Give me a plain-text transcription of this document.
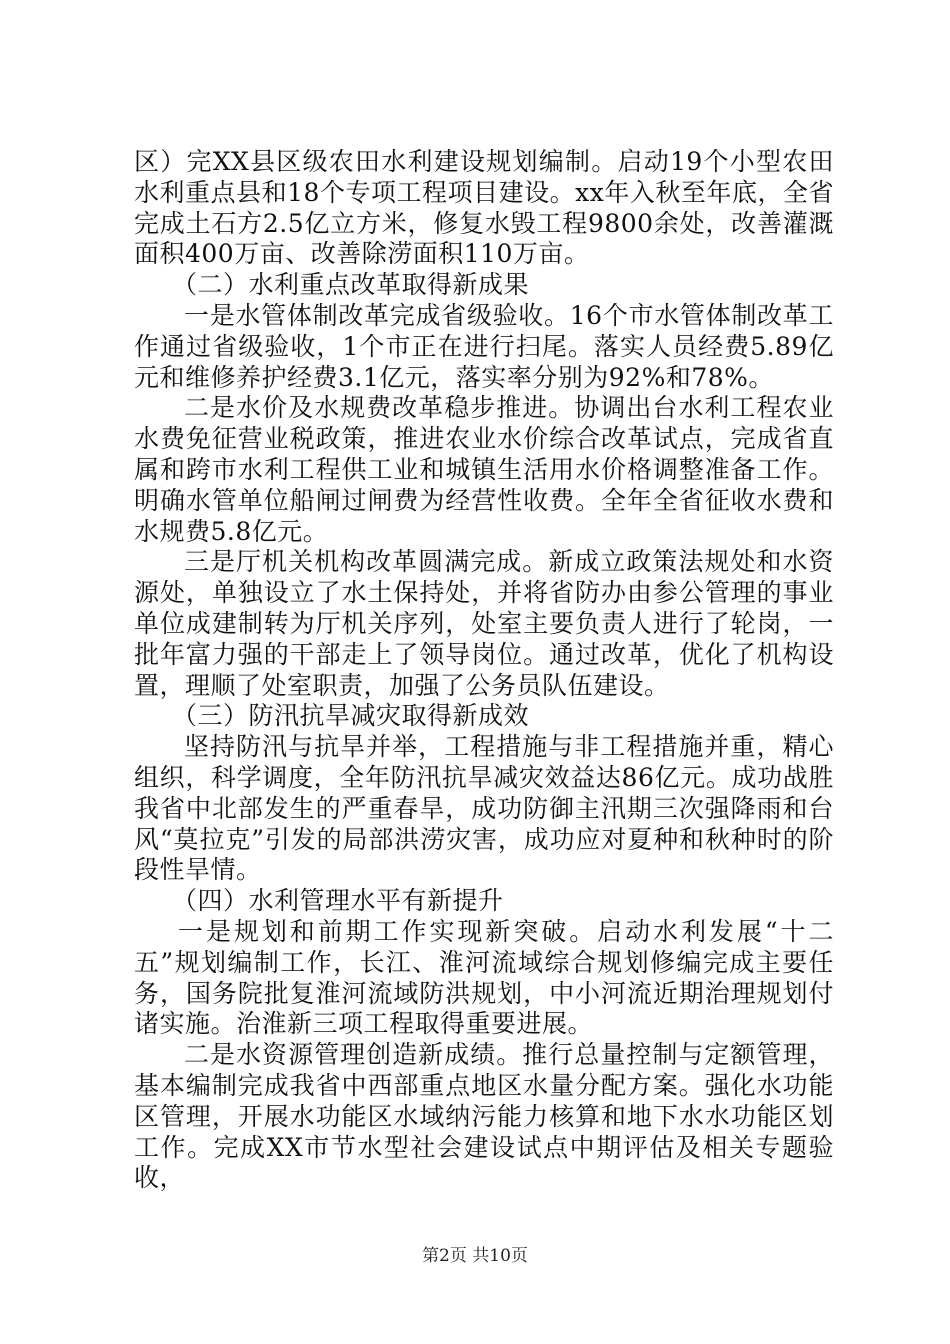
区）完XX县区级农田水利建设规划编制。启动19个小型农田水利重点县和18个专项工程项目建设。xx年入秋至年底，全省完成土石方2.5亿立方米，修复水毁工程9800余处，改善灌溉面积400万亩、改善除涝面积110万亩。

（二）水利重点改革取得新成果

一是水管体制改革完成省级验收。16个市水管体制改革工作通过省级验收，1个市正在进行扫尾。落实人员经费5.89亿元和维修养护经费3.1亿元，落实率分别为92%和78%。

二是水价及水规费改革稳步推进。协调出台水利工程农业水费免征营业税政策，推进农业水价综合改革试点，完成省直属和跨市水利工程供工业和城镇生活用水价格调整准备工作。明确水管单位船闸过闸费为经营性收费。全年全省征收水费和水规费5.8亿元。

三是厅机关机构改革圆满完成。新成立政策法规处和水资源处，单独设立了水土保持处，并将省防办由参公管理的事业单位成建制转为厅机关序列，处室主要负责人进行了轮岗，一批年富力强的干部走上了领导岗位。通过改革，优化了机构设置，理顺了处室职责，加强了公务员队伍建设。

（三）防汛抗旱减灾取得新成效

坚持防汛与抗旱并举，工程措施与非工程措施并重，精心组织，科学调度，全年防汛抗旱减灾效益达86亿元。成功战胜我省中北部发生的严重春旱，成功防御主汛期三次强降雨和台风“莫拉克”引发的局部洪涝灾害，成功应对夏种和秋种时的阶段性旱情。

（四）水利管理水平有新提升

一是规划和前期工作实现新突破。启动水利发展“十二五”规划编制工作，长江、淮河流域综合规划修编完成主要任务，国务院批复淮河流域防洪规划，中小河流近期治理规划付诸实施。治淮新三项工程取得重要进展。

二是水资源管理创造新成绩。推行总量控制与定额管理，基本编制完成我省中西部重点地区水量分配方案。强化水功能区管理，开展水功能区水域纳污能力核算和地下水水功能区划工作。完成XX市节水型社会建设试点中期评估及相关专题验收，

第2页 共10页
